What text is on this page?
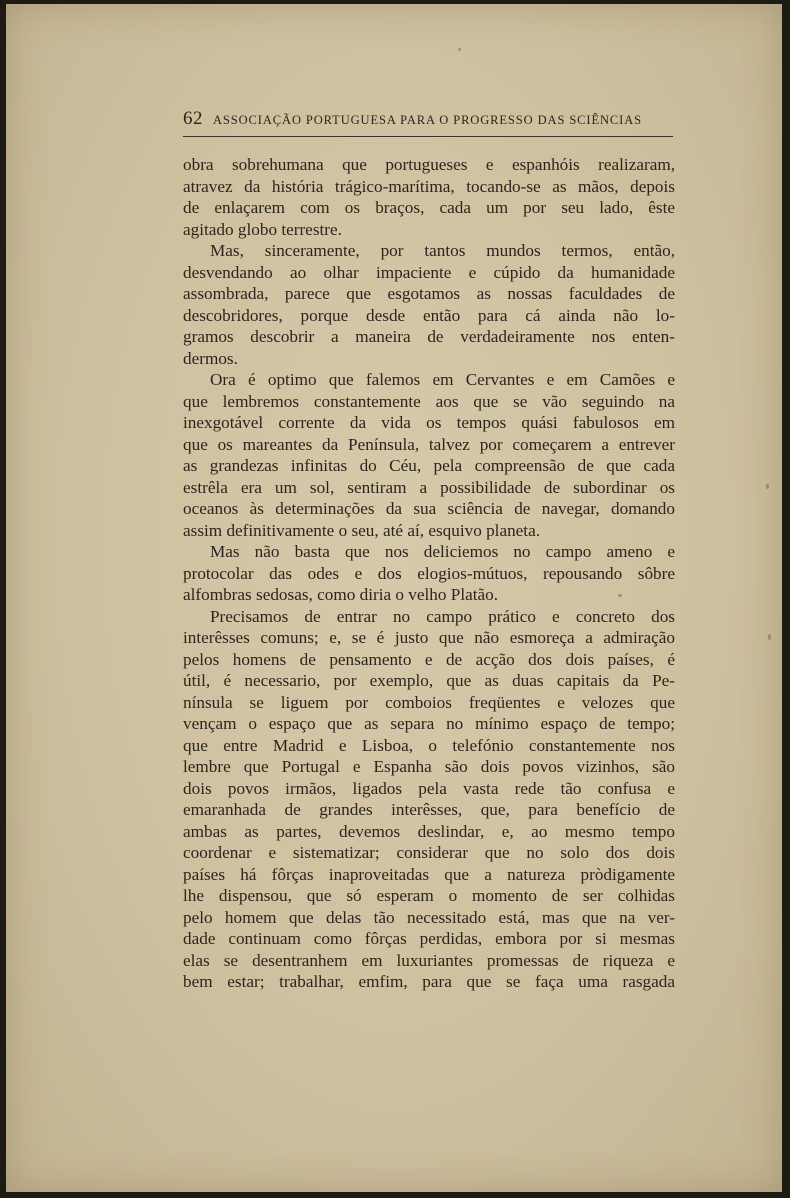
62 ASSOCIAÇÃO PORTUGUESA PARA O PROGRESSO DAS SCIÊNCIAS
obra sobrehumana que portugueses e espanhóis realizaram,
atravez da história trágico-marítima, tocando-se as mãos, depois
de enlaçarem com os braços, cada um por seu lado, êste
agitado globo terrestre.
Mas, sinceramente, por tantos mundos termos, então,
desvendando ao olhar impaciente e cúpido da humanidade
assombrada, parece que esgotamos as nossas faculdades de
descobridores, porque desde então para cá ainda não lo-
gramos descobrir a maneira de verdadeiramente nos enten-
dermos.
Ora é optimo que falemos em Cervantes e em Camões e
que lembremos constantemente aos que se vão seguindo na
inexgotável corrente da vida os tempos quási fabulosos em
que os mareantes da Península, talvez por começarem a entrever
as grandezas infinitas do Céu, pela compreensão de que cada
estrêla era um sol, sentiram a possibilidade de subordinar os
oceanos às determinações da sua sciência de navegar, domando
assim definitivamente o seu, até aí, esquivo planeta.
Mas não basta que nos deliciemos no campo ameno e
protocolar das odes e dos elogios-mútuos, repousando sôbre
alfombras sedosas, como diria o velho Platão.
Precisamos de entrar no campo prático e concreto dos
interêsses comuns; e, se é justo que não esmoreça a admiração
pelos homens de pensamento e de acção dos dois países, é
útil, é necessario, por exemplo, que as duas capitais da Pe-
nínsula se liguem por comboios freqüentes e velozes que
vençam o espaço que as separa no mínimo espaço de tempo;
que entre Madrid e Lisboa, o telefónio constantemente nos
lembre que Portugal e Espanha são dois povos vizinhos, são
dois povos irmãos, ligados pela vasta rede tão confusa e
emaranhada de grandes interêsses, que, para benefício de
ambas as partes, devemos deslindar, e, ao mesmo tempo
coordenar e sistematizar; considerar que no solo dos dois
países há fôrças inaproveitadas que a natureza pròdigamente
lhe dispensou, que só esperam o momento de ser colhidas
pelo homem que delas tão necessitado está, mas que na ver-
dade continuam como fôrças perdidas, embora por si mesmas
elas se desentranhem em luxuriantes promessas de riqueza e
bem estar; trabalhar, emfim, para que se faça uma rasgada
